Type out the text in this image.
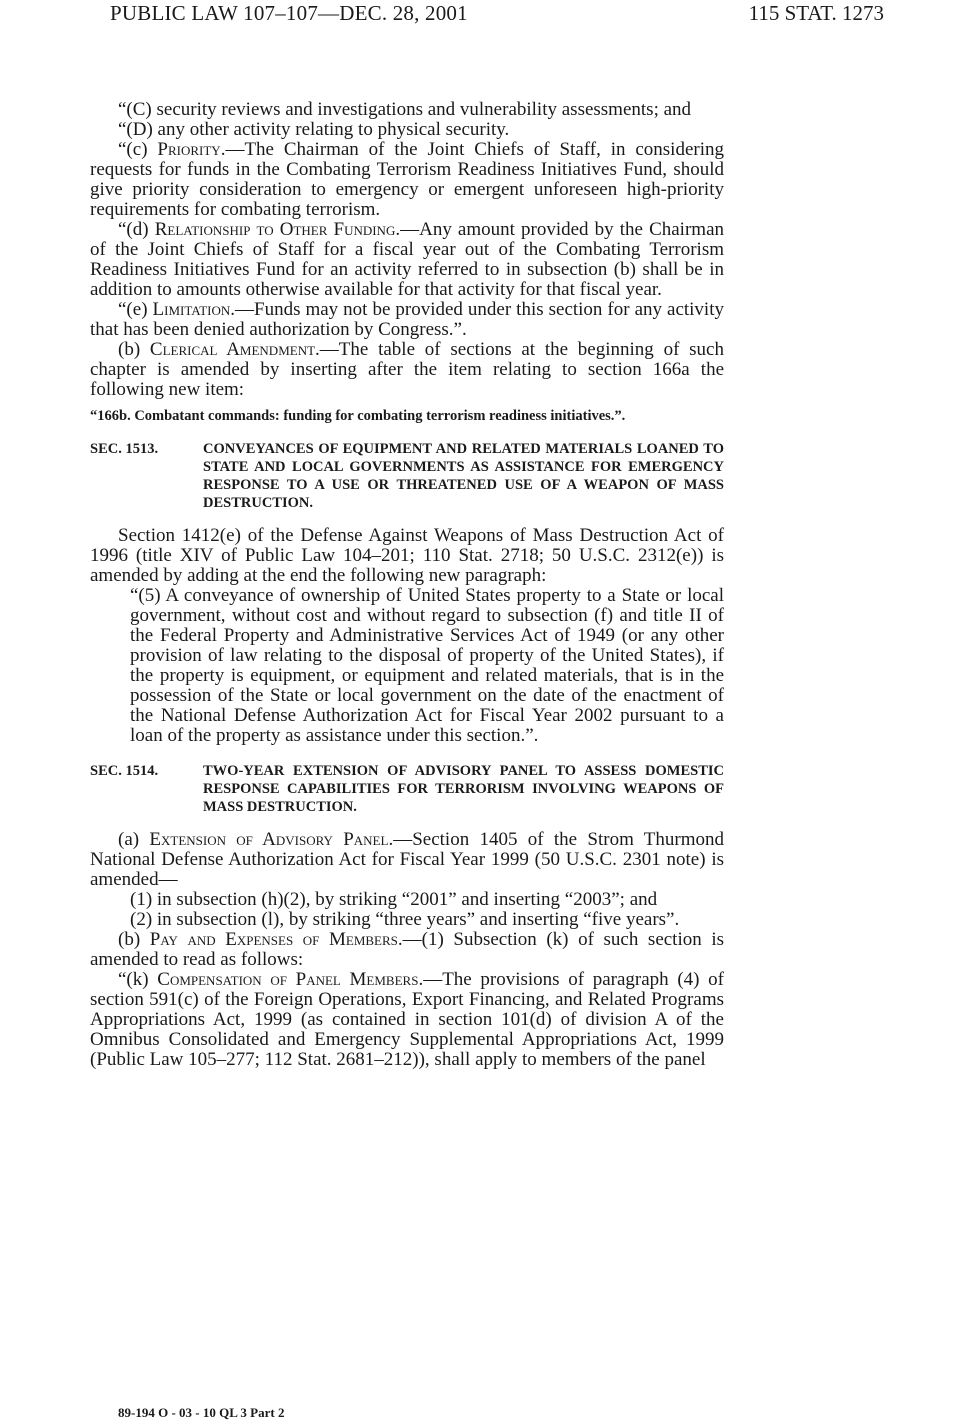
PUBLIC LAW 107–107—DEC. 28, 2001	115 STAT. 1273

“(C) security reviews and investigations and vulnerability assessments; and

“(D) any other activity relating to physical security.

“(c) Priority.—The Chairman of the Joint Chiefs of Staff, in considering requests for funds in the Combating Terrorism Readiness Initiatives Fund, should give priority consideration to emergency or emergent unforeseen high-priority requirements for combating terrorism.

“(d) Relationship to Other Funding.—Any amount provided by the Chairman of the Joint Chiefs of Staff for a fiscal year out of the Combating Terrorism Readiness Initiatives Fund for an activity referred to in subsection (b) shall be in addition to amounts otherwise available for that activity for that fiscal year.

“(e) Limitation.—Funds may not be provided under this section for any activity that has been denied authorization by Congress.”.

(b) Clerical Amendment.—The table of sections at the beginning of such chapter is amended by inserting after the item relating to section 166a the following new item:

“166b. Combatant commands: funding for combating terrorism readiness initiatives.”.

SEC. 1513.	CONVEYANCES OF EQUIPMENT AND RELATED MATERIALS LOANED TO STATE AND LOCAL GOVERNMENTS AS ASSISTANCE FOR EMERGENCY RESPONSE TO A USE OR THREATENED USE OF A WEAPON OF MASS DESTRUCTION.

Section 1412(e) of the Defense Against Weapons of Mass Destruction Act of 1996 (title XIV of Public Law 104–201; 110 Stat. 2718; 50 U.S.C. 2312(e)) is amended by adding at the end the following new paragraph:

“(5) A conveyance of ownership of United States property to a State or local government, without cost and without regard to subsection (f) and title II of the Federal Property and Administrative Services Act of 1949 (or any other provision of law relating to the disposal of property of the United States), if the property is equipment, or equipment and related materials, that is in the possession of the State or local government on the date of the enactment of the National Defense Authorization Act for Fiscal Year 2002 pursuant to a loan of the property as assistance under this section.”.

SEC. 1514.	TWO-YEAR EXTENSION OF ADVISORY PANEL TO ASSESS DOMESTIC RESPONSE CAPABILITIES FOR TERRORISM INVOLVING WEAPONS OF MASS DESTRUCTION.

(a) Extension of Advisory Panel.—Section 1405 of the Strom Thurmond National Defense Authorization Act for Fiscal Year 1999 (50 U.S.C. 2301 note) is amended—

(1) in subsection (h)(2), by striking “2001” and inserting “2003”; and

(2) in subsection (l), by striking “three years” and inserting “five years”.

(b) Pay and Expenses of Members.—(1) Subsection (k) of such section is amended to read as follows:

“(k) Compensation of Panel Members.—The provisions of paragraph (4) of section 591(c) of the Foreign Operations, Export Financing, and Related Programs Appropriations Act, 1999 (as contained in section 101(d) of division A of the Omnibus Consolidated and Emergency Supplemental Appropriations Act, 1999 (Public Law 105–277; 112 Stat. 2681–212)), shall apply to members of the panel

89-194 O - 03 - 10 QL 3 Part 2
